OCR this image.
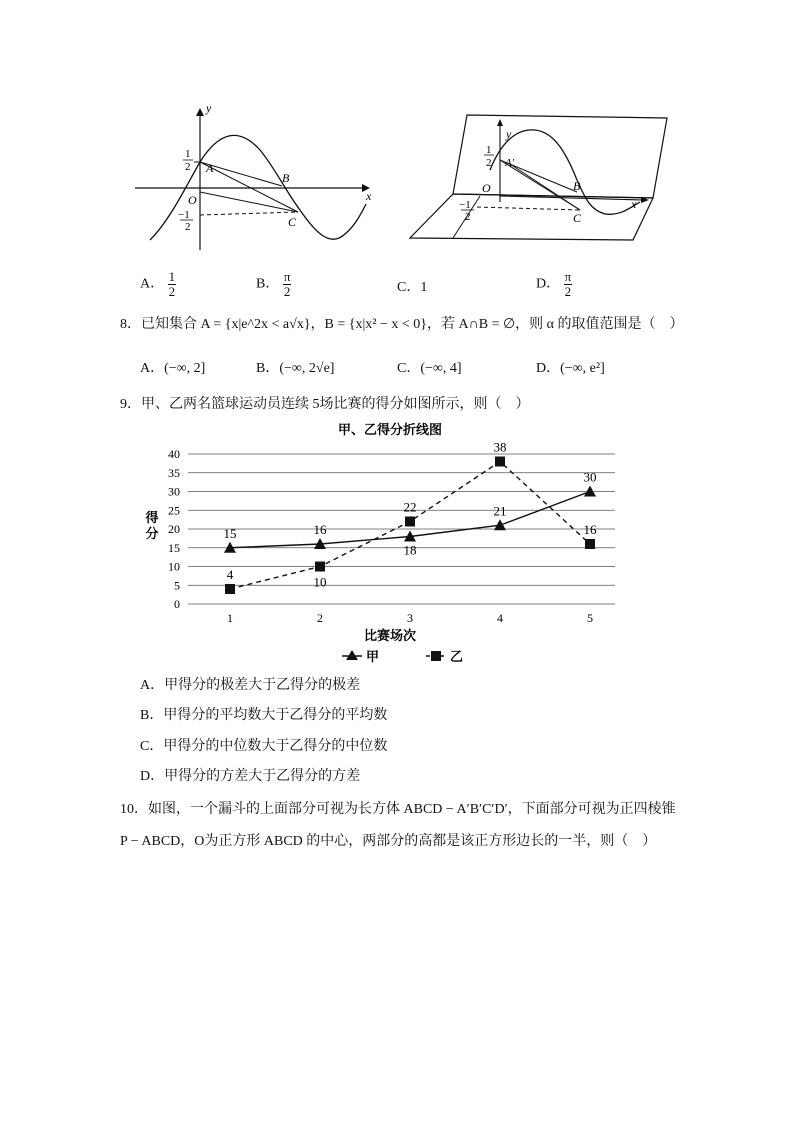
y
x
O
1
2
−1
2
A
B
C
y
x
O
1
2
−1
2
A'
B
C
A． $\frac{1}{2}$	B． $\frac{\pi}{2}$	C．1	D． $\frac{\pi}{2}$
8．已知集合 A = {x|e^2x < a√x}，B = {x|x² − x < 0}，若 A∩B = ∅，则 α 的取值范围是（　）
A．(−∞, 2]	B．(−∞, 2√e]	C．(−∞, 4]	D．(−∞, e²]
9．甲、乙两名篮球运动员连续 5场比赛的得分如图所示，则（　）
甲、乙得分折线图
得
分
0
5
10
15
20
25
30
35
40
1	2	3	4	5
15	16
18
21
30
4	10
22
38
16
比赛场次
甲	乙
A．甲得分的极差大于乙得分的极差
B．甲得分的平均数大于乙得分的平均数
C．甲得分的中位数大于乙得分的中位数
D．甲得分的方差大于乙得分的方差
10．如图，一个漏斗的上面部分可视为长方体 ABCD − A′B′C′D′，下面部分可视为正四棱锥
P − ABCD，O为正方形 ABCD 的中心，两部分的高都是该正方形边长的一半，则（　）
